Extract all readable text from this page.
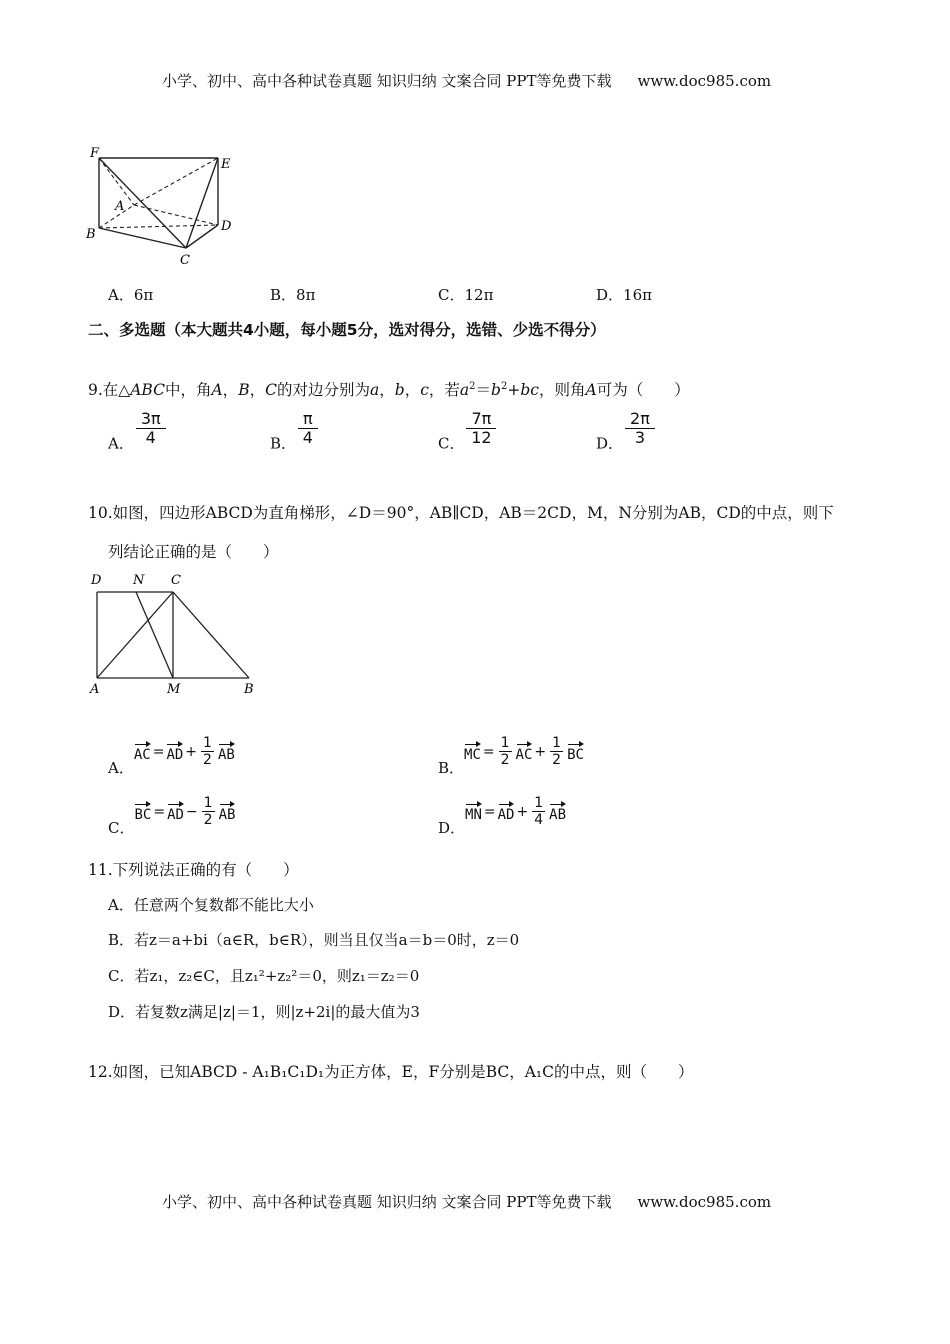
小学、初中、高中各种试卷真题 知识归纳 文案合同 PPT等免费下载 www.doc985.com
F
E
A
B
D
C
A．6π	B．8π	C．12π	D．16π
二、多选题（本大题共4小题，每小题5分，选对得分，选错、少选不得分）
9.在△ABC中，角A，B，C的对边分别为a，b，c，若$a^2=b^2+bc$，则角A可为（　　）
A． $\frac{3\pi}{4}$	B． $\frac{\pi}{4}$	C． $\frac{7\pi}{12}$	D． $\frac{2\pi}{3}$
10.如图，四边形ABCD为直角梯形，∠D＝90°，AB∥CD，AB＝2CD，M，N分别为AB，CD的中点，则下
列结论正确的是（　　）
D N C
A	M	B
A．
AC = AD + $\frac{1}{2}$ AB
B．
MC = $\frac{1}{2}$ AC + $\frac{1}{2}$ BC
C．
BC = AD − $\frac{1}{2}$ AB
D．
MN = AD + $\frac{1}{4}$ AB
11.下列说法正确的有（　　）
A．任意两个复数都不能比大小
B．若z＝a+bi（a∈R，b∈R），则当且仅当a＝b＝0时，z＝0
C．若z₁，z₂∈C，且z₁²+z₂²＝0，则z₁＝z₂＝0
D．若复数z满足|z|＝1，则|z+2i|的最大值为3
12.如图，已知ABCD - A₁B₁C₁D₁为正方体，E，F分别是BC，A₁C的中点，则（　　）
小学、初中、高中各种试卷真题 知识归纳 文案合同 PPT等免费下载 www.doc985.com
